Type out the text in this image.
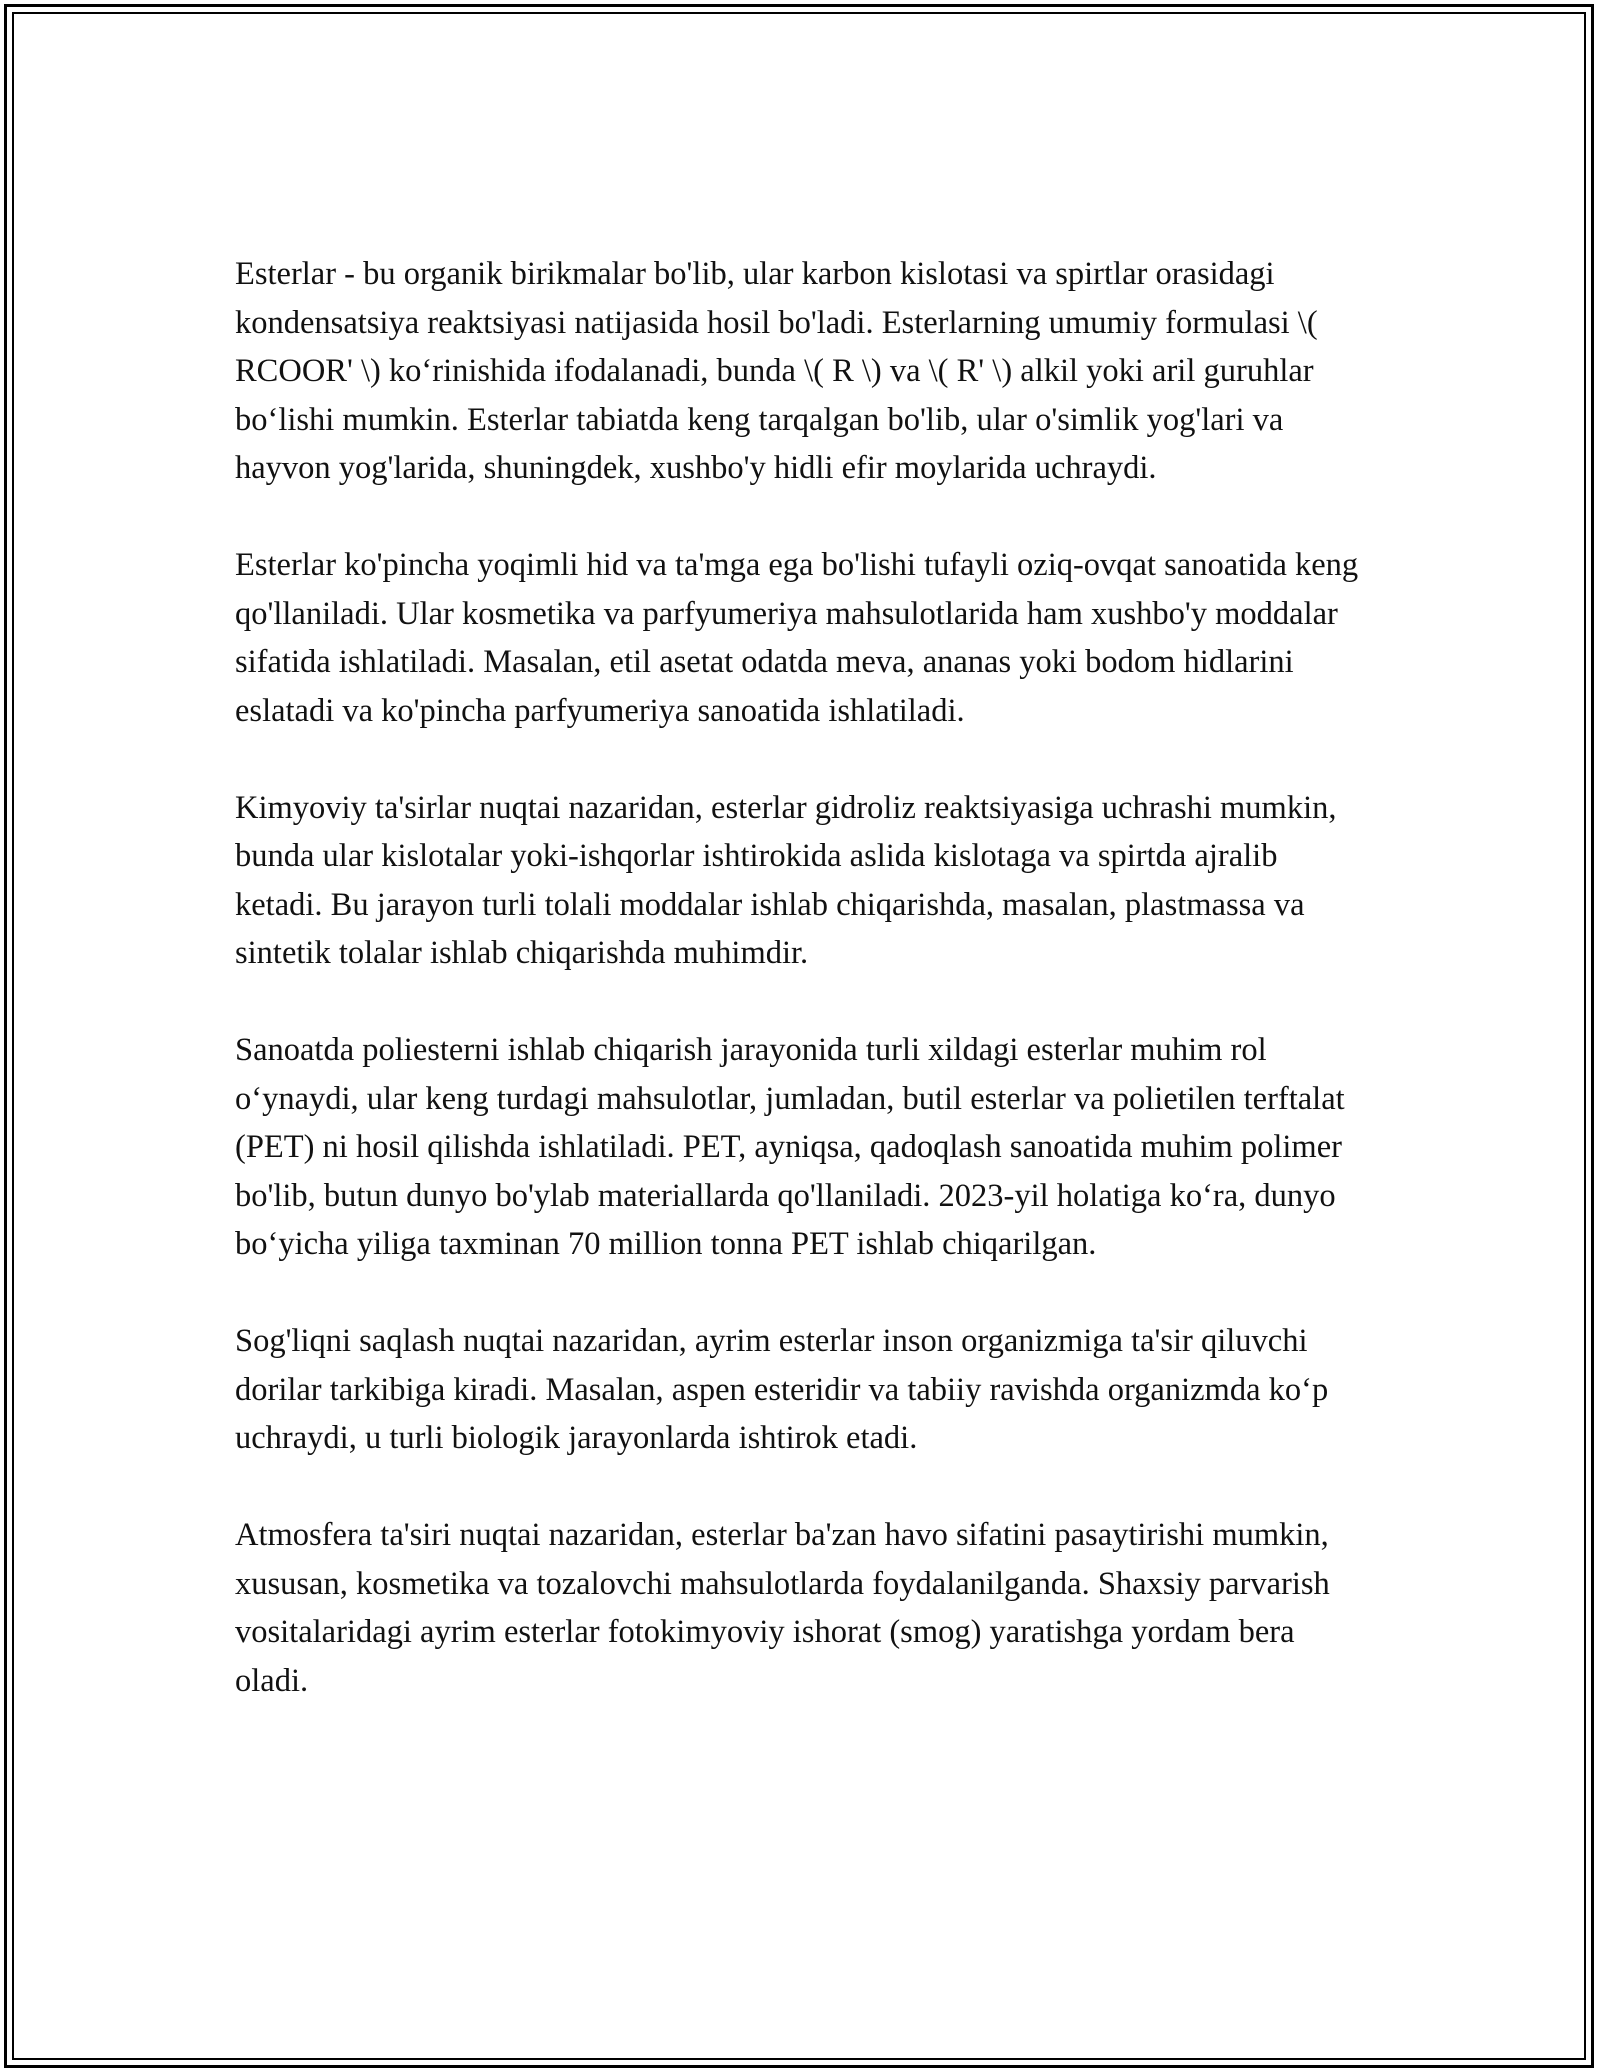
Esterlar - bu organik birikmalar bo'lib, ular karbon kislotasi va spirtlar orasidagi kondensatsiya reaktsiyasi natijasida hosil bo'ladi. Esterlarning umumiy formulasi \( RCOOR' \) ko‘rinishida ifodalanadi, bunda \( R \) va \( R' \) alkil yoki aril guruhlar bo‘lishi mumkin. Esterlar tabiatda keng tarqalgan bo'lib, ular o'simlik yog'lari va hayvon yog'larida, shuningdek, xushbo'y hidli efir moylarida uchraydi.

Esterlar ko'pincha yoqimli hid va ta'mga ega bo'lishi tufayli oziq-ovqat sanoatida keng qo'llaniladi. Ular kosmetika va parfyumeriya mahsulotlarida ham xushbo'y moddalar sifatida ishlatiladi. Masalan, etil asetat odatda meva, ananas yoki bodom hidlarini eslatadi va ko'pincha parfyumeriya sanoatida ishlatiladi.

Kimyoviy ta'sirlar nuqtai nazaridan, esterlar gidroliz reaktsiyasiga uchrashi mumkin, bunda ular kislotalar yoki-ishqorlar ishtirokida aslida kislotaga va spirtda ajralib ketadi. Bu jarayon turli tolali moddalar ishlab chiqarishda, masalan, plastmassa va sintetik tolalar ishlab chiqarishda muhimdir.

Sanoatda poliesterni ishlab chiqarish jarayonida turli xildagi esterlar muhim rol o‘ynaydi, ular keng turdagi mahsulotlar, jumladan, butil esterlar va polietilen terftalat (PET) ni hosil qilishda ishlatiladi. PET, ayniqsa, qadoqlash sanoatida muhim polimer bo'lib, butun dunyo bo'ylab materiallarda qo'llaniladi. 2023-yil holatiga ko‘ra, dunyo bo‘yicha yiliga taxminan 70 million tonna PET ishlab chiqarilgan.

Sog'liqni saqlash nuqtai nazaridan, ayrim esterlar inson organizmiga ta'sir qiluvchi dorilar tarkibiga kiradi. Masalan, aspen esteridir va tabiiy ravishda organizmda ko‘p uchraydi, u turli biologik jarayonlarda ishtirok etadi.

Atmosfera ta'siri nuqtai nazaridan, esterlar ba'zan havo sifatini pasaytirishi mumkin, xususan, kosmetika va tozalovchi mahsulotlarda foydalanilganda. Shaxsiy parvarish vositalaridagi ayrim esterlar fotokimyoviy ishorat (smog) yaratishga yordam bera oladi.
